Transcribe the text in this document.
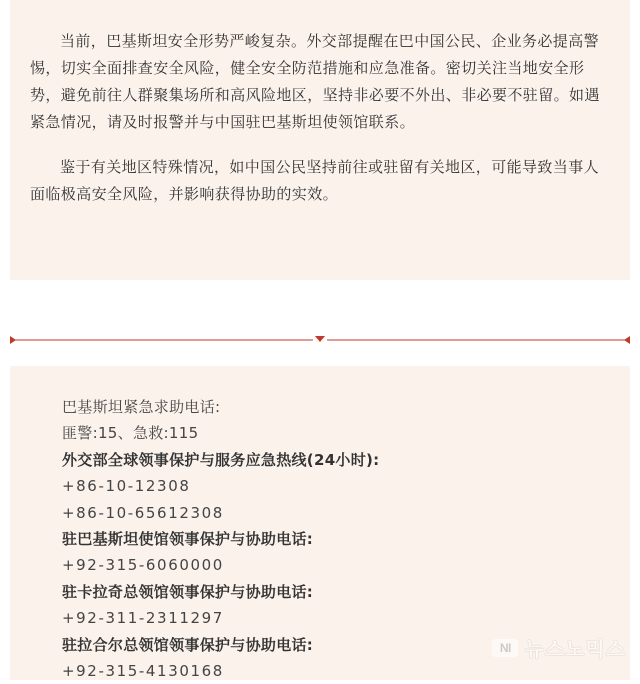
当前，巴基斯坦安全形势严峻复杂。外交部提醒在巴中国公民、企业务必提高警惕，切实全面排查安全风险，健全安全防范措施和应急准备。密切关注当地安全形势，避免前往人群聚集场所和高风险地区，坚持非必要不外出、非必要不驻留。如遇紧急情况，请及时报警并与中国驻巴基斯坦使领馆联系。

鉴于有关地区特殊情况，如中国公民坚持前往或驻留有关地区，可能导致当事人面临极高安全风险，并影响获得协助的实效。

巴基斯坦紧急求助电话:
匪警:15、急救:115
外交部全球领事保护与服务应急热线(24小时):
+86-10-12308
+86-10-65612308
驻巴基斯坦使馆领事保护与协助电话:
+92-315-6060000
驻卡拉奇总领馆领事保护与协助电话:
+92-311-2311297
驻拉合尔总领馆领事保护与协助电话:
+92-315-4130168
NI 뉴스노믹스
